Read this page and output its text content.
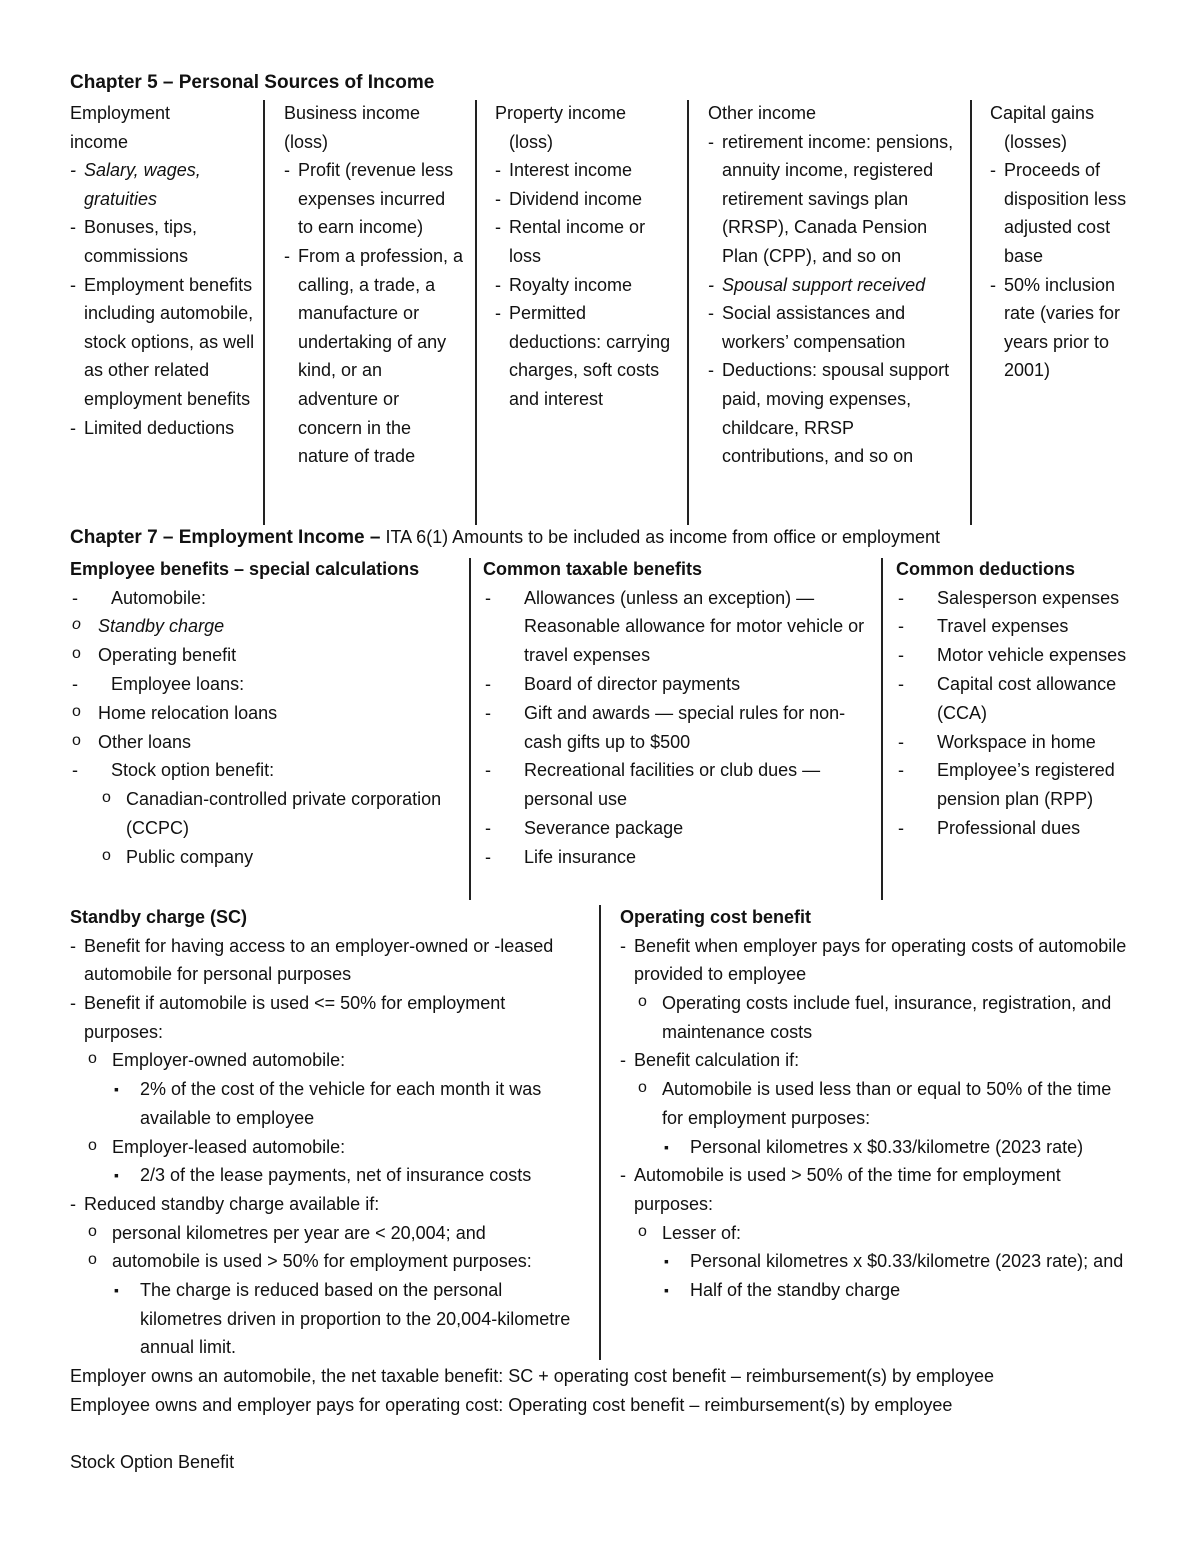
Chapter 5 – Personal Sources of Income
Employment
income
- Salary, wages, gratuities
- Bonuses, tips, commissions
- Employment benefits including automobile, stock options, as well as other related employment benefits
- Limited deductions
Business income
(loss)
- Profit (revenue less expenses incurred to earn income)
- From a profession, a calling, a trade, a manufacture or undertaking of any kind, or an adventure or concern in the nature of trade
Property income
(loss)
- Interest income
- Dividend income
- Rental income or loss
- Royalty income
- Permitted deductions: carrying charges, soft costs and interest
Other income
- retirement income: pensions, annuity income, registered retirement savings plan (RRSP), Canada Pension Plan (CPP), and so on
- Spousal support received
- Social assistances and workers’ compensation
- Deductions: spousal support paid, moving expenses, childcare, RRSP contributions, and so on
Capital gains
(losses)
- Proceeds of disposition less adjusted cost base
- 50% inclusion rate (varies for years prior to 2001)
Chapter 7 – Employment Income – ITA 6(1) Amounts to be included as income from office or employment
Employee benefits – special calculations
- Automobile:
o Standby charge
o Operating benefit
- Employee loans:
o Home relocation loans
o Other loans
- Stock option benefit:
o Canadian-controlled private corporation (CCPC)
o Public company
Common taxable benefits
- Allowances (unless an exception) — Reasonable allowance for motor vehicle or travel expenses
- Board of director payments
- Gift and awards — special rules for non-cash gifts up to $500
- Recreational facilities or club dues — personal use
- Severance package
- Life insurance
Common deductions
- Salesperson expenses
- Travel expenses
- Motor vehicle expenses
- Capital cost allowance (CCA)
- Workspace in home
- Employee’s registered pension plan (RPP)
- Professional dues
Standby charge (SC)
- Benefit for having access to an employer-owned or -leased automobile for personal purposes
- Benefit if automobile is used <= 50% for employment purposes:
o Employer-owned automobile:
▪ 2% of the cost of the vehicle for each month it was available to employee
o Employer-leased automobile:
▪ 2/3 of the lease payments, net of insurance costs
- Reduced standby charge available if:
o personal kilometres per year are < 20,004; and
o automobile is used > 50% for employment purposes:
▪ The charge is reduced based on the personal kilometres driven in proportion to the 20,004-kilometre annual limit.
Operating cost benefit
- Benefit when employer pays for operating costs of automobile provided to employee
o Operating costs include fuel, insurance, registration, and maintenance costs
- Benefit calculation if:
o Automobile is used less than or equal to 50% of the time for employment purposes:
▪ Personal kilometres x $0.33/kilometre (2023 rate)
- Automobile is used > 50% of the time for employment purposes:
o Lesser of:
▪ Personal kilometres x $0.33/kilometre (2023 rate); and
▪ Half of the standby charge
Employer owns an automobile, the net taxable benefit: SC + operating cost benefit – reimbursement(s) by employee
Employee owns and employer pays for operating cost: Operating cost benefit – reimbursement(s) by employee
Stock Option Benefit
